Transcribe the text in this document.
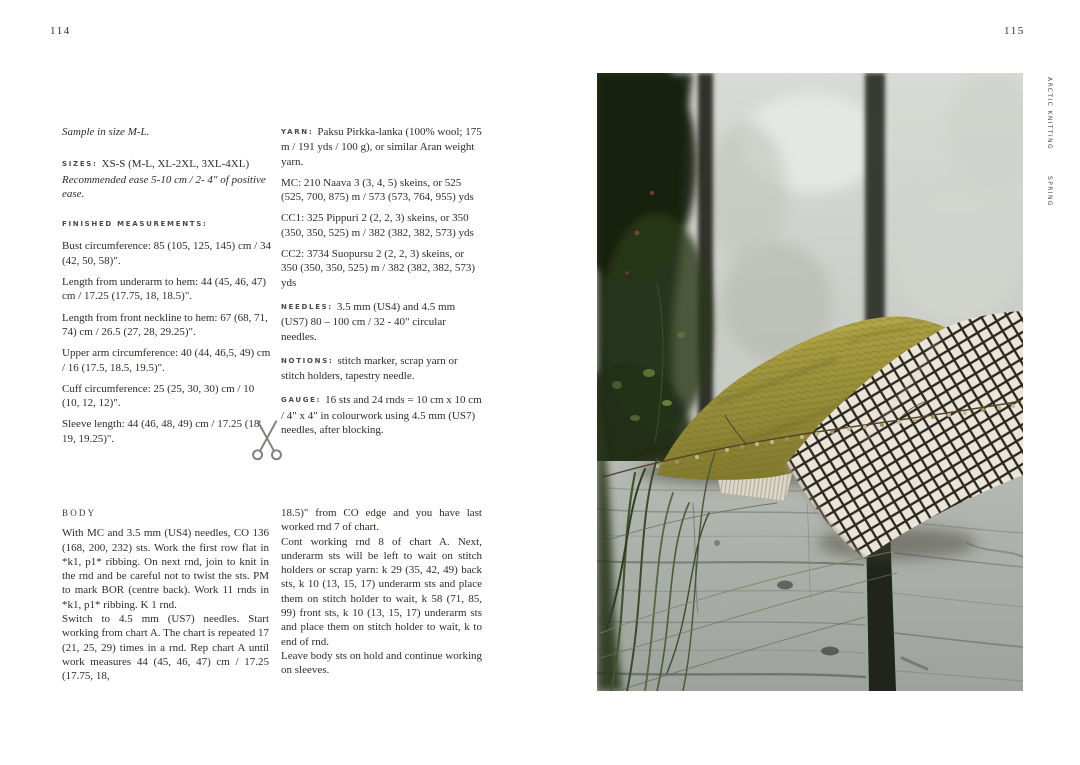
114	115

Sample in size M-L.

SIZES: XS-S (M-L, XL-2XL, 3XL-4XL)

Recommended ease 5-10 cm / 2- 4" of positive ease.

FINISHED MEASUREMENTS:

Bust circumference: 85 (105, 125, 145) cm / 34 (42, 50, 58)".

Length from underarm to hem: 44 (45, 46, 47) cm / 17.25 (17.75, 18, 18.5)".

Length from front neckline to hem: 67 (68, 71, 74) cm / 26.5 (27, 28, 29.25)".

Upper arm circumference: 40 (44, 46,5, 49) cm / 16 (17.5, 18.5, 19.5)".

Cuff circumference: 25 (25, 30, 30) cm / 10 (10, 12, 12)".

Sleeve length: 44 (46, 48, 49) cm / 17.25 (18, 19, 19.25)".

YARN: Paksu Pirkka-lanka (100% wool; 175 m / 191 yds / 100 g), or similar Aran weight yarn.

MC: 210 Naava 3 (3, 4, 5) skeins, or 525 (525, 700, 875) m / 573 (573, 764, 955) yds

CC1: 325 Pippuri 2 (2, 2, 3) skeins, or 350 (350, 350, 525) m / 382 (382, 382, 573) yds

CC2: 3734 Suopursu 2 (2, 2, 3) skeins, or 350 (350, 350, 525) m / 382 (382, 382, 573) yds

NEEDLES: 3.5 mm (US4) and 4.5 mm (US7) 80 – 100 cm / 32 - 40" circular needles.

NOTIONS: stitch marker, scrap yarn or stitch holders, tapestry needle.

GAUGE: 16 sts and 24 rnds = 10 cm x 10 cm / 4" x 4" in colourwork using 4.5 mm (US7) needles, after blocking.

BODY

With MC and 3.5 mm (US4) needles, CO 136 (168, 200, 232) sts. Work the first row flat in *k1, p1* ribbing. On next rnd, join to knit in the rnd and be careful not to twist the sts. PM to mark BOR (centre back). Work 11 rnds in *k1, p1* ribbing. K 1 rnd.

Switch to 4.5 mm (US7) needles. Start working from chart A. The chart is repeated 17 (21, 25, 29) times in a rnd. Rep chart A until work measures 44 (45, 46, 47) cm / 17.25 (17.75, 18,

18.5)" from CO edge and you have last worked rnd 7 of chart.

Cont working rnd 8 of chart A. Next, underarm sts will be left to wait on stitch holders or scrap yarn: k 29 (35, 42, 49) back sts, k 10 (13, 15, 17) underarm sts and place them on stitch holder to wait, k 58 (71, 85, 99) front sts, k 10 (13, 15, 17) underarm sts and place them on stitch holder to wait, k to end of rnd.

Leave body sts on hold and continue working on sleeves.

ARCTIC KNITTING
SPRING
